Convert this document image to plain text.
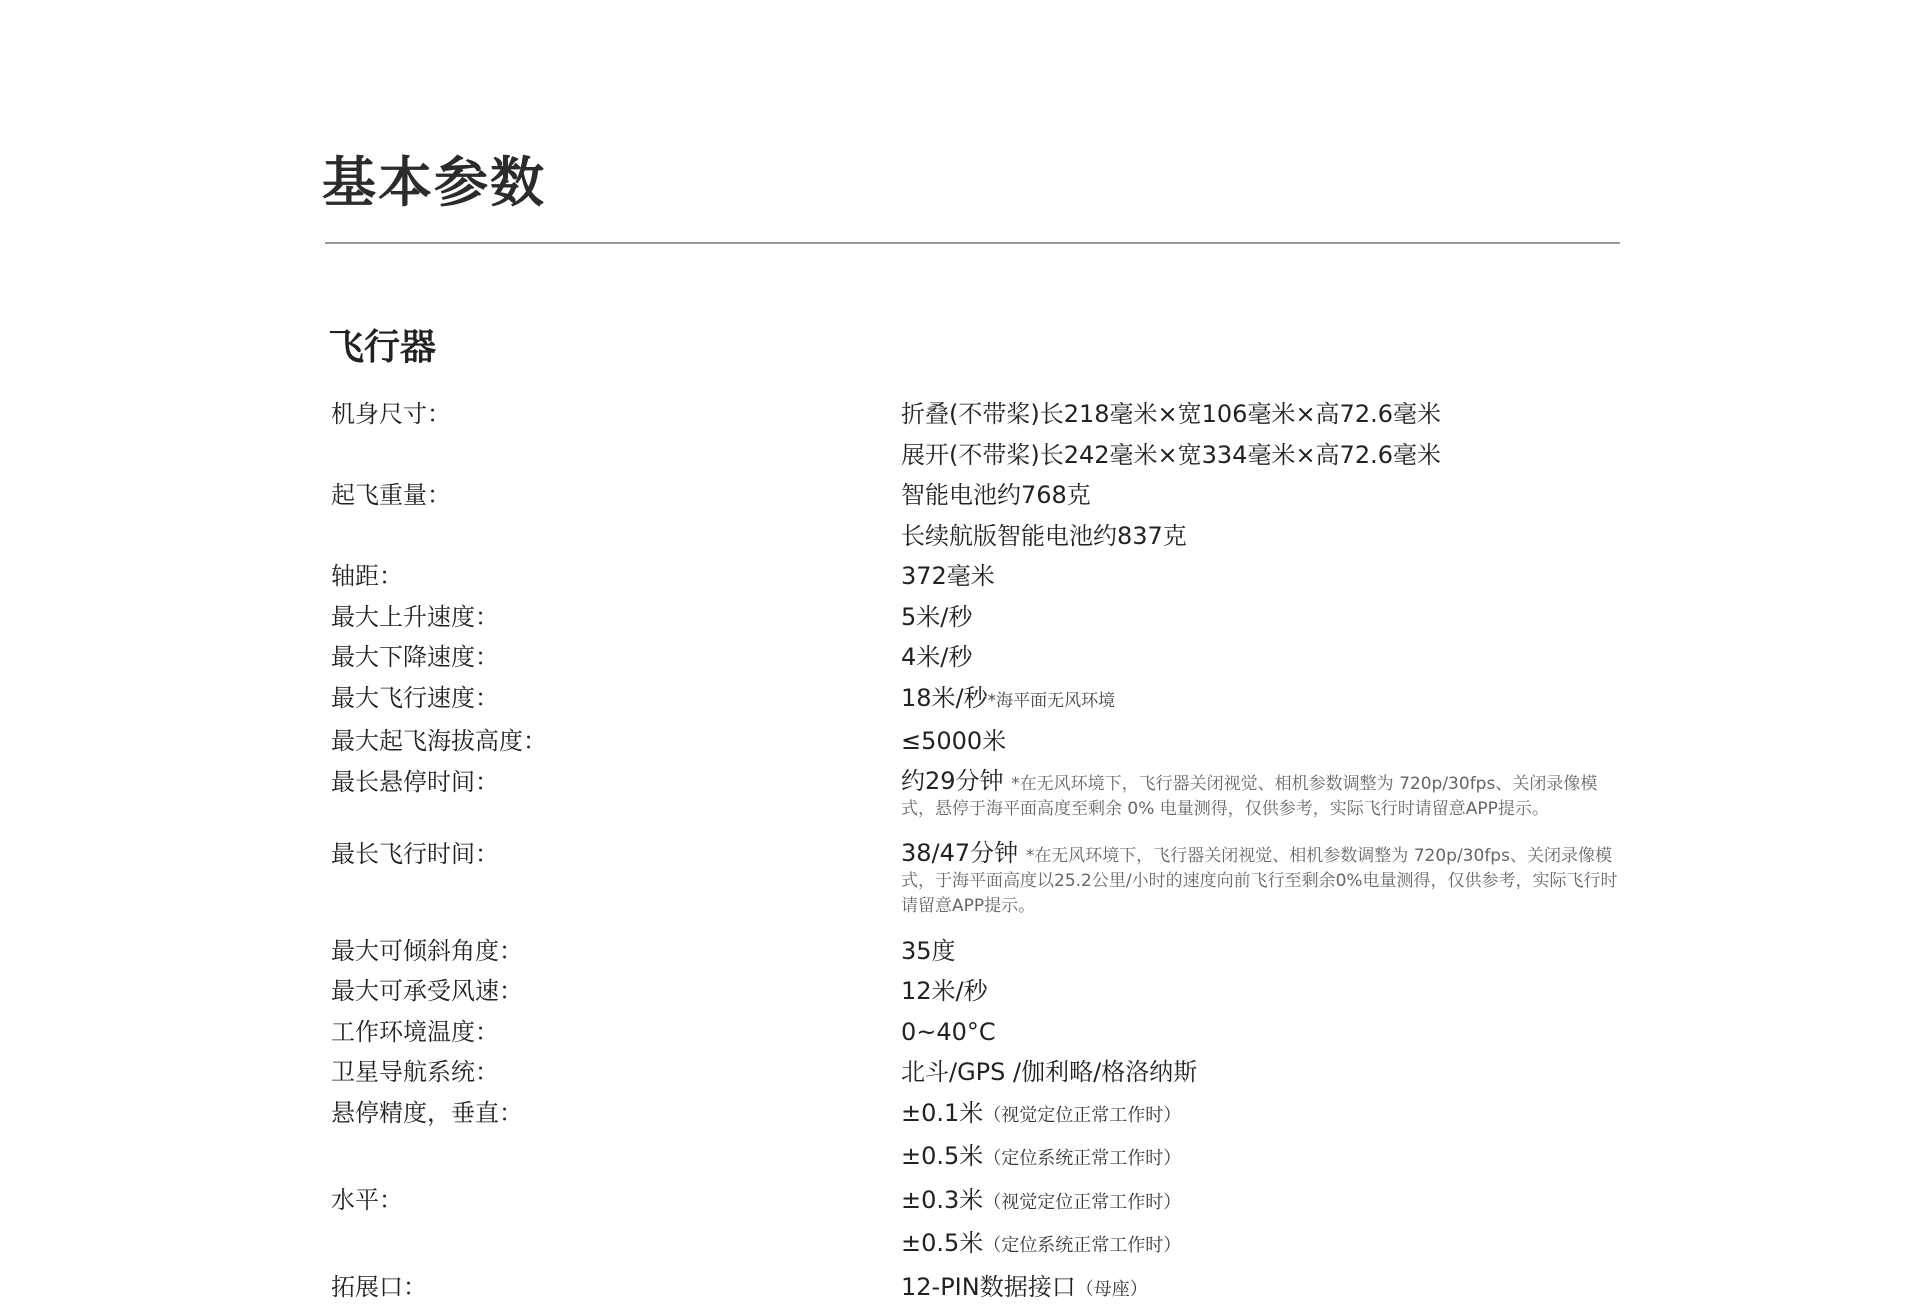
基本参数
飞行器
机身尺寸：	折叠(不带桨)长218毫米×宽106毫米×高72.6毫米
展开(不带桨)长242毫米×宽334毫米×高72.6毫米
起飞重量：	智能电池约768克
长续航版智能电池约837克
轴距：	372毫米
最大上升速度：	5米/秒
最大下降速度：	4米/秒
最大飞行速度：	18米/秒*海平面无风环境
最大起飞海拔高度：	≤5000米
最长悬停时间：	约29分钟 *在无风环境下，飞行器关闭视觉、相机参数调整为 720p/30fps、关闭录像模式，悬停于海平面高度至剩余 0% 电量测得，仅供参考，实际飞行时请留意APP提示。
最长飞行时间：	38/47分钟 *在无风环境下，飞行器关闭视觉、相机参数调整为 720p/30fps、关闭录像模式，于海平面高度以25.2公里/小时的速度向前飞行至剩余0%电量测得，仅供参考，实际飞行时请留意APP提示。
最大可倾斜角度：	35度
最大可承受风速：	12米/秒
工作环境温度：	0~40°C
卫星导航系统：	北斗/GPS /伽利略/格洛纳斯
悬停精度，垂直：	±0.1米（视觉定位正常工作时）
±0.5米（定位系统正常工作时）
水平：	±0.3米（视觉定位正常工作时）
±0.5米（定位系统正常工作时）
拓展口：	12-PIN数据接口（母座）
